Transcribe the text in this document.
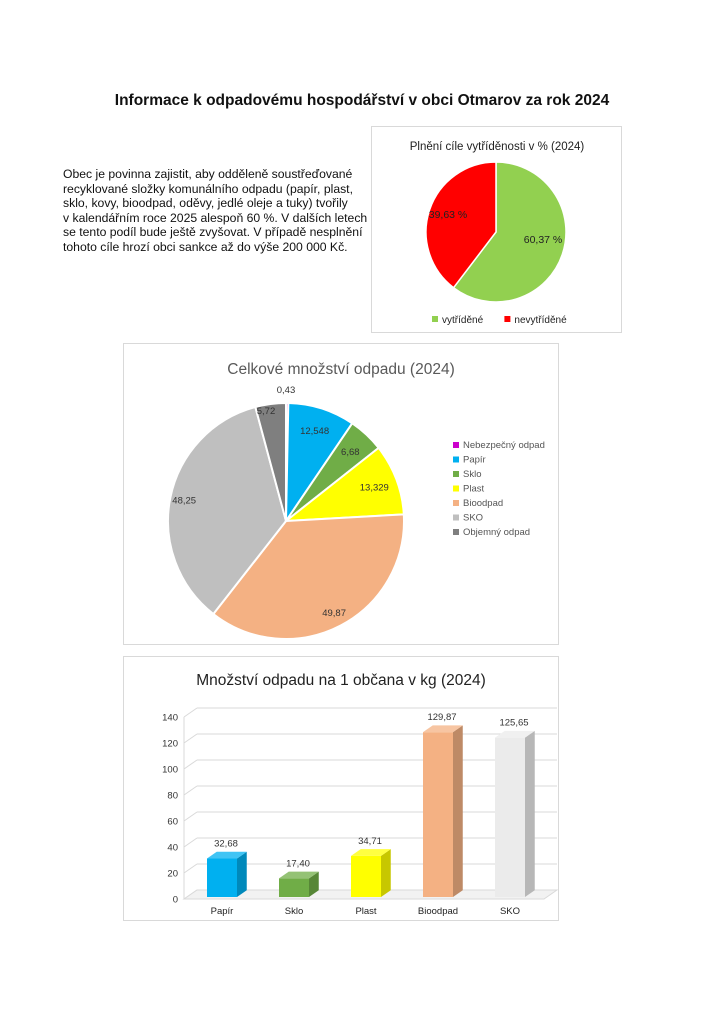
Informace k odpadovému hospodářství v obci Otmarov za rok 2024
Obec je povinna zajistit, aby odděleně soustřeďované
recyklované složky komunálního odpadu (papír, plast,
sklo, kovy, bioodpad, oděvy, jedlé oleje a tuky) tvořily
v kalendářním roce 2025 alespoň 60 %. V dalších letech
se tento podíl bude ještě zvyšovat. V případě nesplnění
tohoto cíle hrozí obci sankce až do výše 200 000 Kč.
Plnění cíle vytříděnosti v % (2024)
60,37 %
39,63 %
vytříděné	nevytříděné
Celkové množství odpadu (2024)
0,43
12,548
6,68
13,329
49,87
48,25
5,72
Nebezpečný odpad
Papír
Sklo
Plast
Bioodpad
SKO
Objemný odpad
Množství odpadu na 1 občana v kg (2024)
0
20
40
60
80
100
120
140
32,68
Papír
17,40
Sklo
34,71
Plast
129,87
Bioodpad
125,65
SKO
